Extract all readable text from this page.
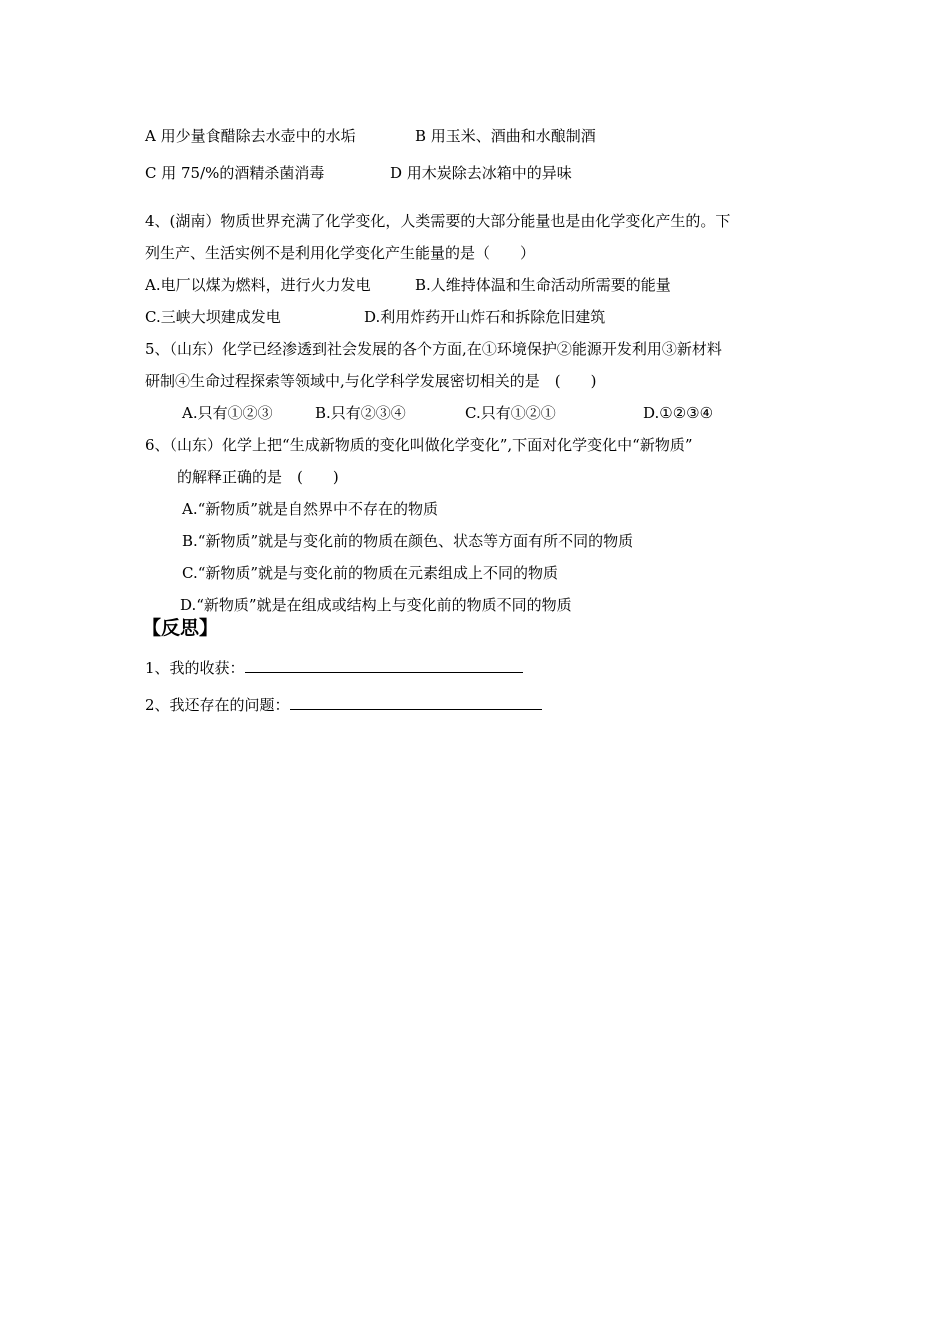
A 用少量食醋除去水壶中的水垢	B 用玉米、酒曲和水酿制酒
C 用 75/%的酒精杀菌消毒	D 用木炭除去冰箱中的异味
4、(湖南）物质世界充满了化学变化，人类需要的大部分能量也是由化学变化产生的。下
列生产、生活实例不是利用化学变化产生能量的是（　　）
A.电厂以煤为燃料，进行火力发电	B.人维持体温和生命活动所需要的能量
C.三峡大坝建成发电	D.利用炸药开山炸石和拆除危旧建筑
5、（山东）化学已经渗透到社会发展的各个方面,在①环境保护②能源开发利用③新材料
研制④生命过程探索等领域中,与化学科学发展密切相关的是　(　　)
A.只有①②③	B.只有②③④	C.只有①②①	D.①②③④
6、（山东）化学上把“生成新物质的变化叫做化学变化”,下面对化学变化中“新物质”
的解释正确的是　(　　)
A.“新物质”就是自然界中不存在的物质
B.“新物质”就是与变化前的物质在颜色、状态等方面有所不同的物质
C.“新物质”就是与变化前的物质在元素组成上不同的物质
D.“新物质”就是在组成或结构上与变化前的物质不同的物质
【反思】
1、我的收获：
2、我还存在的问题：
